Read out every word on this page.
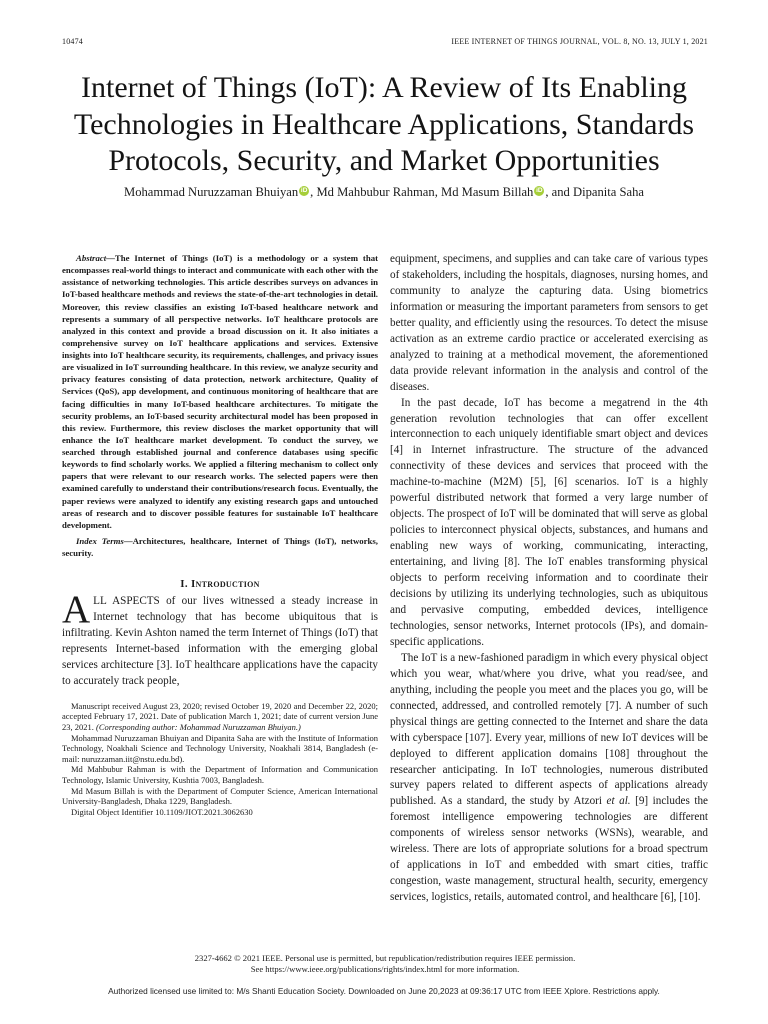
10474	IEEE INTERNET OF THINGS JOURNAL, VOL. 8, NO. 13, JULY 1, 2021
Internet of Things (IoT): A Review of Its Enabling
Technologies in Healthcare Applications, Standards
Protocols, Security, and Market Opportunities
Mohammad Nuruzzaman Bhuiyan iD , Md Mahbubur Rahman, Md Masum Billah iD , and Dipanita Saha

Abstract—The Internet of Things (IoT) is a methodology or a system that encompasses real-world things to interact and communicate with each other with the assistance of networking technologies. This article describes surveys on advances in IoT-based healthcare methods and reviews the state-of-the-art technologies in detail. Moreover, this review classifies an existing IoT-based healthcare network and represents a summary of all perspective networks. IoT healthcare protocols are analyzed in this context and provide a broad discussion on it. It also initiates a comprehensive survey on IoT healthcare applications and services. Extensive insights into IoT healthcare security, its requirements, challenges, and privacy issues are visualized in IoT surrounding healthcare. In this review, we analyze security and privacy features consisting of data protection, network architecture, Quality of Services (QoS), app development, and continuous monitoring of healthcare that are facing difficulties in many IoT-based healthcare architectures. To mitigate the security problems, an IoT-based security architectural model has been proposed in this review. Furthermore, this review discloses the market opportunity that will enhance the IoT healthcare market development. To conduct the survey, we searched through established journal and conference databases using specific keywords to find scholarly works. We applied a filtering mechanism to collect only papers that were relevant to our research works. The selected papers were then examined carefully to understand their contributions/research focus. Eventually, the paper reviews were analyzed to identify any existing research gaps and untouched areas of research and to discover possible features for sustainable IoT healthcare development.

Index Terms—Architectures, healthcare, Internet of Things (IoT), networks, security.

I. Introduction

ALL ASPECTS of our lives witnessed a steady increase in Internet technology that has become ubiquitous that is infiltrating. Kevin Ashton named the term Internet of Things (IoT) that represents Internet-based information with the emerging global services architecture [3]. IoT healthcare applications have the capacity to accurately track people,

Manuscript received August 23, 2020; revised October 19, 2020 and December 22, 2020; accepted February 17, 2021. Date of publication March 1, 2021; date of current version June 23, 2021. (Corresponding author: Mohammad Nuruzzaman Bhuiyan.)

Mohammad Nuruzzaman Bhuiyan and Dipanita Saha are with the Institute of Information Technology, Noakhali Science and Technology University, Noakhali 3814, Bangladesh (e-mail: nuruzzaman.iit@nstu.edu.bd).

Md Mahbubur Rahman is with the Department of Information and Communication Technology, Islamic University, Kushtia 7003, Bangladesh.

Md Masum Billah is with the Department of Computer Science, American International University-Bangladesh, Dhaka 1229, Bangladesh.

Digital Object Identifier 10.1109/JIOT.2021.3062630

equipment, specimens, and supplies and can take care of various types of stakeholders, including the hospitals, diagnoses, nursing homes, and community to analyze the capturing data. Using biometrics information or measuring the important parameters from sensors to get better quality, and efficiently using the resources. To detect the misuse activation as an extreme cardio practice or accelerated exercising as analyzed to training at a methodical movement, the aforementioned data provide relevant information in the analysis and control of the diseases.

In the past decade, IoT has become a megatrend in the 4th generation revolution technologies that can offer excellent interconnection to each uniquely identifiable smart object and devices [4] in Internet infrastructure. The structure of the advanced connectivity of these devices and services that proceed with the machine-to-machine (M2M) [5], [6] scenarios. IoT is a highly powerful distributed network that formed a very large number of objects. The prospect of IoT will be dominated that will serve as global policies to interconnect physical objects, substances, and humans and enabling new ways of working, communicating, interacting, entertaining, and living [8]. The IoT enables transforming physical objects to perform receiving information and to coordinate their decisions by utilizing its underlying technologies, such as ubiquitous and pervasive computing, embedded devices, intelligence technologies, sensor networks, Internet protocols (IPs), and domain-specific applications.

The IoT is a new-fashioned paradigm in which every physical object which you wear, what/where you drive, what you read/see, and anything, including the people you meet and the places you go, will be connected, addressed, and controlled remotely [7]. A number of such physical things are getting connected to the Internet and share the data with cyberspace [107]. Every year, millions of new IoT devices will be deployed to different application domains [108] throughout the researcher anticipating. In IoT technologies, numerous distributed survey papers related to different aspects of applications already published. As a standard, the study by Atzori et al. [9] includes the foremost intelligence empowering technologies are different components of wireless sensor networks (WSNs), wearable, and wireless. There are lots of appropriate solutions for a broad spectrum of applications in IoT and embedded with smart cities, traffic congestion, waste management, structural health, security, emergency services, logistics, retails, automated control, and healthcare [6], [10].

2327-4662 © 2021 IEEE. Personal use is permitted, but republication/redistribution requires IEEE permission.
See https://www.ieee.org/publications/rights/index.html for more information.
Authorized licensed use limited to: M/s Shanti Education Society. Downloaded on June 20,2023 at 09:36:17 UTC from IEEE Xplore. Restrictions apply.
